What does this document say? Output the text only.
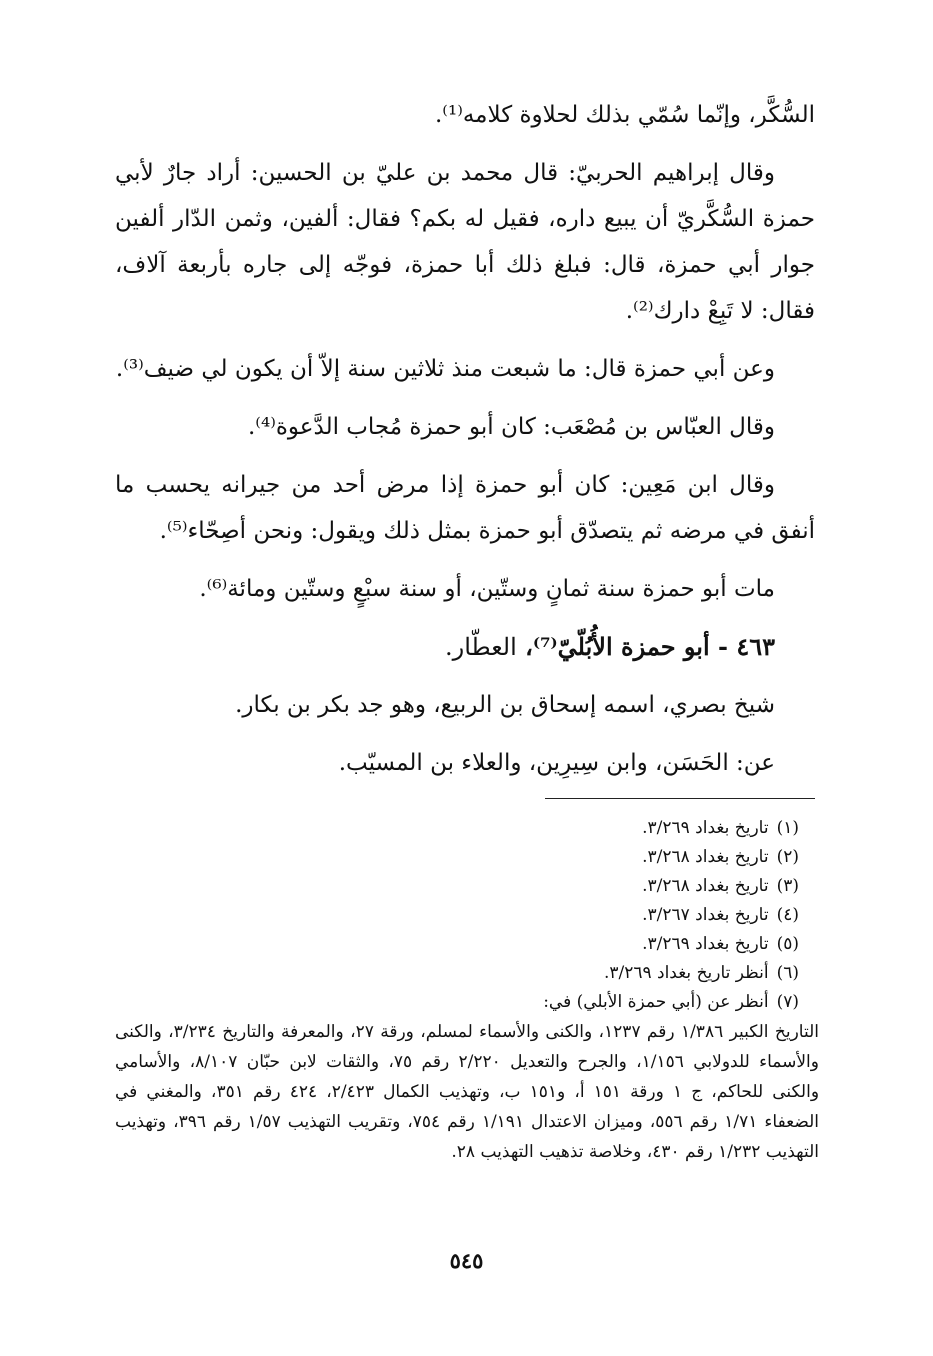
السُّكَّر، وإنّما سُمّي بذلك لحلاوة كلامه⁽¹⁾.

وقال إبراهيم الحربيّ: قال محمد بن عليّ بن الحسين: أراد جارٌ لأبي حمزة السُّكَّريّ أن يبيع داره، فقيل له بكم؟ فقال: ألفين، وثمن الدّار ألفين جوار أبي حمزة، قال: فبلغ ذلك أبا حمزة، فوجّه إلى جاره بأربعة آلاف، فقال: لا تَبِعْ دارك⁽²⁾.

وعن أبي حمزة قال: ما شبعت منذ ثلاثين سنة إلاّ أن يكون لي ضيف⁽³⁾.

وقال العبّاس بن مُصْعَب: كان أبو حمزة مُجاب الدَّعوة⁽⁴⁾.

وقال ابن مَعِين: كان أبو حمزة إذا مرض أحد من جيرانه يحسب ما أنفق في مرضه ثم يتصدّق أبو حمزة بمثل ذلك ويقول: ونحن أصِحّاء⁽⁵⁾.

مات أبو حمزة سنة ثمانٍ وستّين، أو سنة سبْعٍ وستّين ومائة⁽⁶⁾.

٤٦٣ - أبو حمزة الأُبُلّيّ⁽⁷⁾، العطّار.

شيخ بصري، اسمه إسحاق بن الربيع، وهو جد بكر بن بكار.

عن: الحَسَن، وابن سِيرِين، والعلاء بن المسيّب.

(١)تاريخ بغداد ٣/٢٦٩.

(٢)تاريخ بغداد ٣/٢٦٨.

(٣)تاريخ بغداد ٣/٢٦٨.

(٤)تاريخ بغداد ٣/٢٦٧.

(٥)تاريخ بغداد ٣/٢٦٩.

(٦)أنظر تاريخ بغداد ٣/٢٦٩.

(٧)أنظر عن (أبي حمزة الأبلي) في:

التاريخ الكبير ١/٣٨٦ رقم ١٢٣٧، والكنى والأسماء لمسلم، ورقة ٢٧، والمعرفة والتاريخ ٣/٢٣٤، والكنى والأسماء للدولابي ١/١٥٦، والجرح والتعديل ٢/٢٢٠ رقم ٧٥، والثقات لابن حبّان ٨/١٠٧، والأسامي والكنى للحاكم، ج ١ ورقة ١٥١ أ، و١٥١ ب، وتهذيب الكمال ٢/٤٢٣، ٤٢٤ رقم ٣٥١، والمغني في الضعفاء ١/٧١ رقم ٥٥٦، وميزان الاعتدال ١/١٩١ رقم ٧٥٤، وتقريب التهذيب ١/٥٧ رقم ٣٩٦، وتهذيب التهذيب ١/٢٣٢ رقم ٤٣٠، وخلاصة تذهيب التهذيب ٢٨.

٥٤٥
